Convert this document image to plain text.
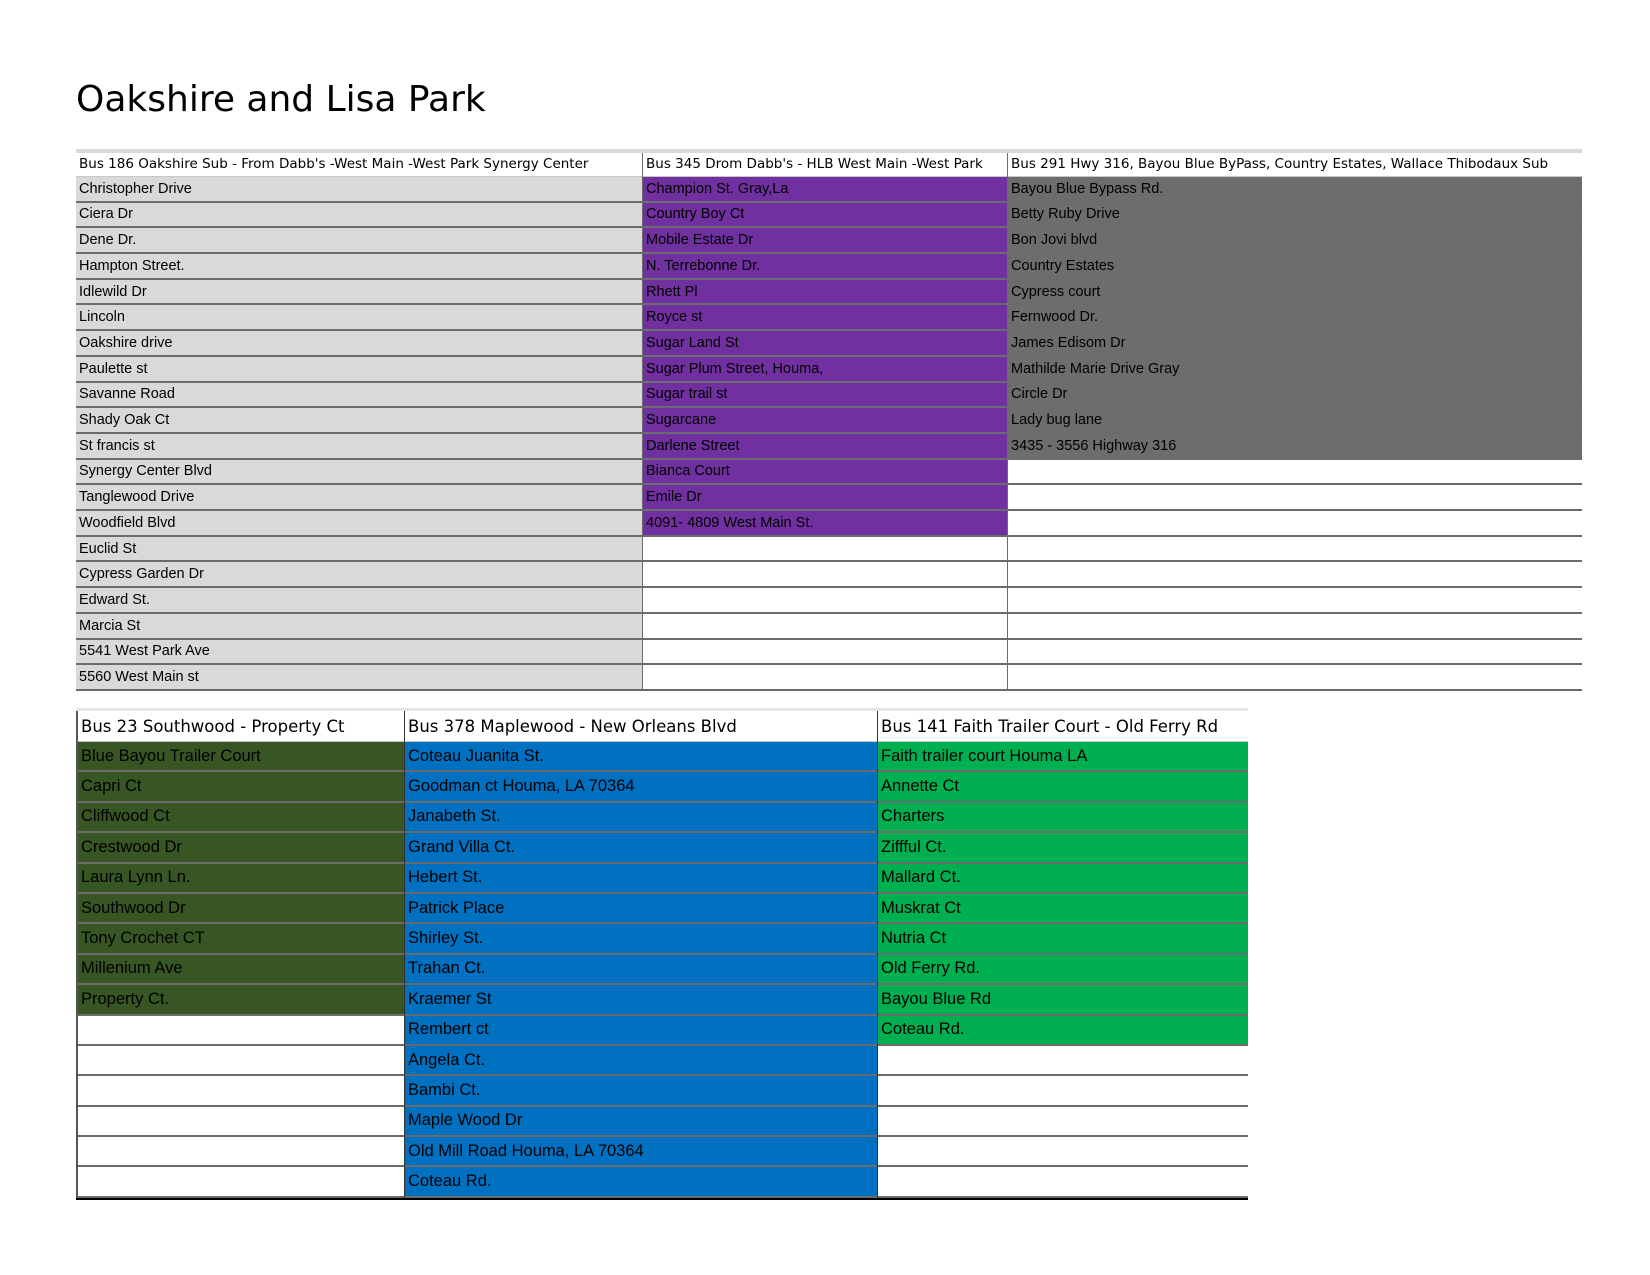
Oakshire and Lisa Park
Bus 186 Oakshire Sub - From Dabb's -West Main -West Park Synergy Center
Christopher Drive
Ciera Dr
Dene Dr.
Hampton Street.
Idlewild Dr
Lincoln
Oakshire drive
Paulette st
Savanne Road
Shady Oak Ct
St francis st
Synergy Center Blvd
Tanglewood Drive
Woodfield Blvd
Euclid St
Cypress Garden Dr
Edward St.
Marcia St
5541 West Park Ave
5560 West Main st
Bus 345 Drom Dabb's - HLB West Main -West Park
Champion St. Gray,La
Country Boy Ct
Mobile Estate Dr
N. Terrebonne Dr.
Rhett Pl
Royce st
Sugar Land St
Sugar Plum Street, Houma,
Sugar trail st
Sugarcane
Darlene Street
Bianca Court
Emile Dr
4091- 4809 West Main St.
Bus 291 Hwy 316, Bayou Blue ByPass, Country Estates, Wallace Thibodaux Sub
Bayou Blue Bypass Rd.
Betty Ruby Drive
Bon Jovi blvd
Country Estates
Cypress court
Fernwood Dr.
James Edisom Dr
Mathilde Marie Drive Gray
Circle Dr
Lady bug lane
3435 - 3556 Highway 316
Bus 23 Southwood - Property Ct
Blue Bayou Trailer Court
Capri Ct
Cliffwood Ct
Crestwood Dr
Laura Lynn Ln.
Southwood Dr
Tony Crochet CT
Millenium Ave
Property Ct.
Bus 378 Maplewood - New Orleans Blvd
Coteau Juanita St.
Goodman ct Houma, LA 70364
Janabeth St.
Grand Villa Ct.
Hebert St.
Patrick Place
Shirley St.
Trahan Ct.
Kraemer St
Rembert ct
Angela Ct.
Bambi Ct.
Maple Wood Dr
Old Mill Road Houma, LA 70364
Coteau Rd.
Bus 141 Faith Trailer Court - Old Ferry Rd
Faith trailer court Houma LA
Annette Ct
Charters
Ziffful Ct.
Mallard Ct.
Muskrat Ct
Nutria Ct
Old Ferry Rd.
Bayou Blue Rd
Coteau Rd.
